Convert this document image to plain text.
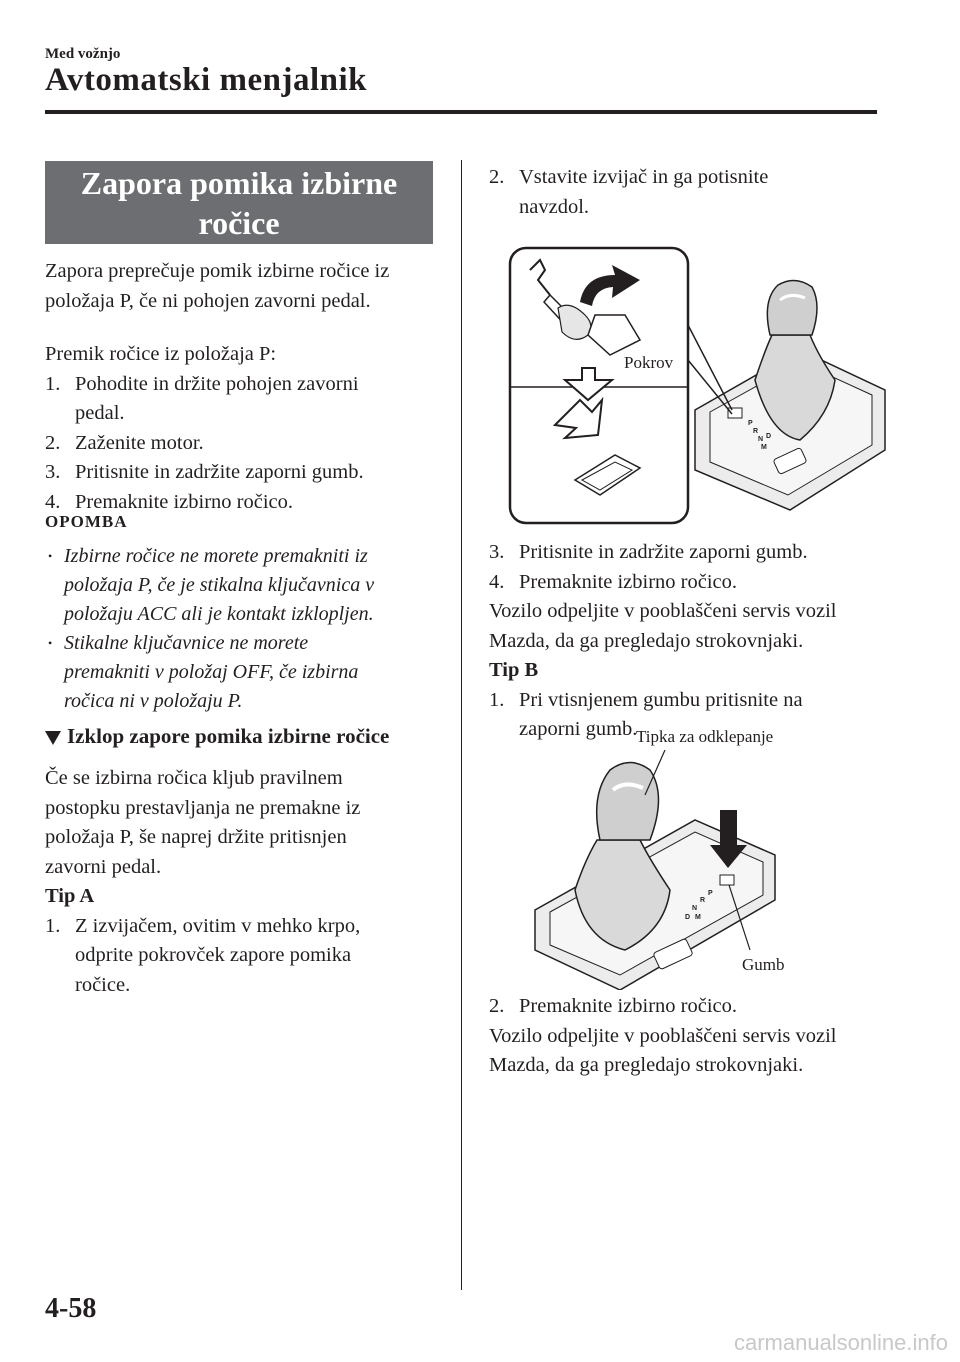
Med vožnjo
Avtomatski menjalnik
Zapora pomika izbirne
ročice
Zapora preprečuje pomik izbirne ročice iz
položaja P, če ni pohojen zavorni pedal.
Premik ročice iz položaja P:
1. Pohodite in držite pohojen zavorni
pedal.
2. Zaženite motor.
3. Pritisnite in zadržite zaporni gumb.
4. Premaknite izbirno ročico.
OPOMBA
• Izbirne ročice ne morete premakniti iz
položaja P, če je stikalna ključavnica v
položaju ACC ali je kontakt izklopljen.
• Stikalne ključavnice ne morete
premakniti v položaj OFF, če izbirna
ročica ni v položaju P.
Izklop zapore pomika izbirne ročice
Če se izbirna ročica kljub pravilnem
postopku prestavljanja ne premakne iz
položaja P, še naprej držite pritisnjen
zavorni pedal.
Tip A
1. Z izvijačem, ovitim v mehko krpo,
odprite pokrovček zapore pomika
ročice.
2. Vstavite izvijač in ga potisnite
navzdol.
P
R
N D
M
Pokrov
3. Pritisnite in zadržite zaporni gumb.
4. Premaknite izbirno ročico.
Vozilo odpeljite v pooblaščeni servis vozil
Mazda, da ga pregledajo strokovnjaki.
Tip B
1. Pri vtisnjenem gumbu pritisnite na
zaporni gumb.
Tipka za odklepanje
P
R
N
D M
Gumb
2. Premaknite izbirno ročico.
Vozilo odpeljite v pooblaščeni servis vozil
Mazda, da ga pregledajo strokovnjaki.
4-58
carmanualsonline.info
